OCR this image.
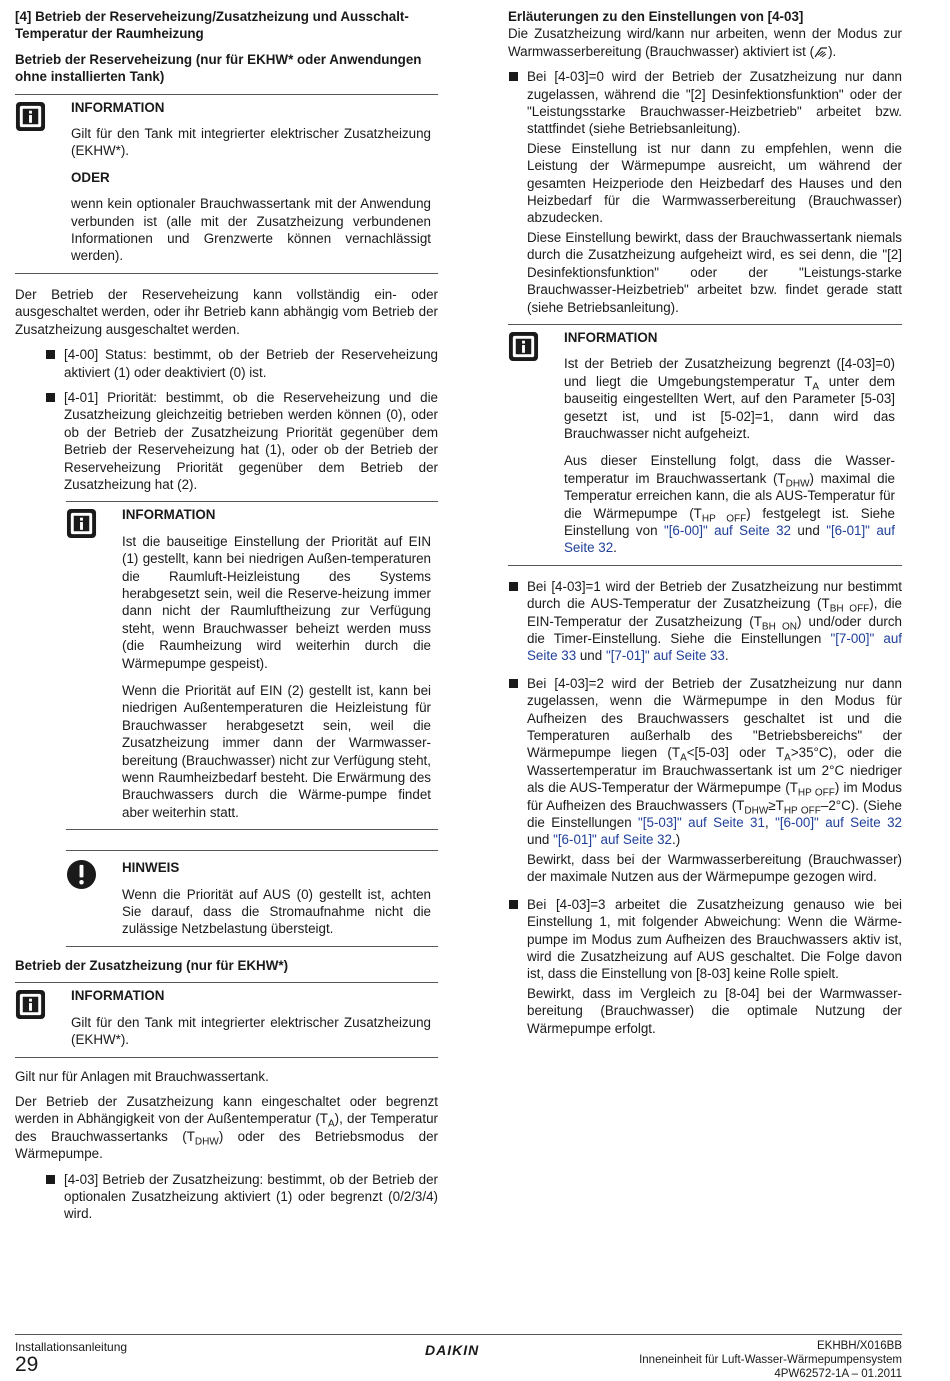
[4] Betrieb der Reserveheizung/Zusatzheizung und Ausschalt-Temperatur der Raumheizung
Betrieb der Reserveheizung (nur für EKHW* oder Anwendungen ohne installierten Tank)
INFORMATION

Gilt für den Tank mit integrierter elektrischer Zusatzheizung (EKHW*).

ODER

wenn kein optionaler Brauchwassertank mit der Anwendung verbunden ist (alle mit der Zusatzheizung verbundenen Informationen und Grenzwerte können vernachlässigt werden).

Der Betrieb der Reserveheizung kann vollständig ein- oder ausgeschaltet werden, oder ihr Betrieb kann abhängig vom Betrieb der Zusatzheizung ausgeschaltet werden.

[4-00] Status: bestimmt, ob der Betrieb der Reserveheizung aktiviert (1) oder deaktiviert (0) ist.
[4-01] Priorität: bestimmt, ob die Reserveheizung und die Zusatzheizung gleichzeitig betrieben werden können (0), oder ob der Betrieb der Zusatzheizung Priorität gegenüber dem Betrieb der Reserveheizung hat (1), oder ob der Betrieb der Reserveheizung Priorität gegenüber dem Betrieb der Zusatzheizung hat (2).
INFORMATION

Ist die bauseitige Einstellung der Priorität auf EIN (1) gestellt, kann bei niedrigen Außen-temperaturen die Raumluft-Heizleistung des Systems herabgesetzt sein, weil die Reserve-heizung immer dann nicht der Raumluftheizung zur Verfügung steht, wenn Brauchwasser beheizt werden muss (die Raumheizung wird weiterhin durch die Wärmepumpe gespeist).

Wenn die Priorität auf EIN (2) gestellt ist, kann bei niedrigen Außentemperaturen die Heizleistung für Brauchwasser herabgesetzt sein, weil die Zusatzheizung immer dann der Warmwasser-bereitung (Brauchwasser) nicht zur Verfügung steht, wenn Raumheizbedarf besteht. Die Erwärmung des Brauchwassers durch die Wärme-pumpe findet aber weiterhin statt.

HINWEIS

Wenn die Priorität auf AUS (0) gestellt ist, achten Sie darauf, dass die Stromaufnahme nicht die zulässige Netzbelastung übersteigt.

Betrieb der Zusatzheizung (nur für EKHW*)
INFORMATION

Gilt für den Tank mit integrierter elektrischer Zusatzheizung (EKHW*).

Gilt nur für Anlagen mit Brauchwassertank.

Der Betrieb der Zusatzheizung kann eingeschaltet oder begrenzt werden in Abhängigkeit von der Außentemperatur $(T_A)$, der Temperatur des Brauchwassertanks $(T_{DHW})$ oder des Betriebsmodus der Wärmepumpe.

[4-03] Betrieb der Zusatzheizung: bestimmt, ob der Betrieb der optionalen Zusatzheizung aktiviert (1) oder begrenzt (0/2/3/4) wird.
Erläuterungen zu den Einstellungen von [4-03]

Die Zusatzheizung wird/kann nur arbeiten, wenn der Modus zur Warmwasserbereitung (Brauchwasser) aktiviert ist ( ).

Bei [4-03]=0 wird der Betrieb der Zusatzheizung nur dann zugelassen, während die "[2] Desinfektionsfunktion" oder der "Leistungsstarke Brauchwasser-Heizbetrieb" arbeitet bzw. stattfindet (siehe Betriebsanleitung).

Diese Einstellung ist nur dann zu empfehlen, wenn die Leistung der Wärmepumpe ausreicht, um während der gesamten Heizperiode den Heizbedarf des Hauses und den Heizbedarf für die Warmwasserbereitung (Brauchwasser) abzudecken.

Diese Einstellung bewirkt, dass der Brauchwassertank niemals durch die Zusatzheizung aufgeheizt wird, es sei denn, die "[2] Desinfektionsfunktion" oder der "Leistungs-starke Brauchwasser-Heizbetrieb" arbeitet bzw. findet gerade statt (siehe Betriebsanleitung).

INFORMATION

Ist der Betrieb der Zusatzheizung begrenzt ([4-03]=0) und liegt die Umgebungstemperatur $T_A$ unter dem bauseitig eingestellten Wert, auf den Parameter [5-03] gesetzt ist, und ist [5-02]=1, dann wird das Brauchwasser nicht aufgeheizt.

Aus dieser Einstellung folgt, dass die Wasser-temperatur im Brauchwassertank $(T_{DHW})$ maximal die Temperatur erreichen kann, die als AUS-Temperatur für die Wärmepumpe $(T_{HP OFF})$ festgelegt ist. Siehe Einstellung von "[6-00]" auf Seite 32 und "[6-01]" auf Seite 32.

Bei [4-03]=1 wird der Betrieb der Zusatzheizung nur bestimmt durch die AUS-Temperatur der Zusatzheizung $(T_{BH OFF})$, die EIN-Temperatur der Zusatzheizung $(T_{BH ON})$ und/oder durch die Timer-Einstellung. Siehe die Einstellungen "[7-00]" auf Seite 33 und "[7-01]" auf Seite 33.

Bei [4-03]=2 wird der Betrieb der Zusatzheizung nur dann zugelassen, wenn die Wärmepumpe in den Modus für Aufheizen des Brauchwassers geschaltet ist und die Temperaturen außerhalb des "Betriebsbereichs" der Wärmepumpe liegen ($T_A<[5-03]$ oder $T_A>35^\circ C$), oder die Wassertemperatur im Brauchwassertank ist um 2°C niedriger als die AUS-Temperatur der Wärmepumpe $(T_{HP OFF})$ im Modus für Aufheizen des Brauchwassers $(T_{DHW}\ge T_{HP OFF}-2^\circ C)$. (Siehe die Einstellungen "[5-03]" auf Seite 31, "[6-00]" auf Seite 32 und "[6-01]" auf Seite 32.)

Bewirkt, dass bei der Warmwasserbereitung (Brauchwasser) der maximale Nutzen aus der Wärmepumpe gezogen wird.

Bei [4-03]=3 arbeitet die Zusatzheizung genauso wie bei Einstellung 1, mit folgender Abweichung: Wenn die Wärme-pumpe im Modus zum Aufheizen des Brauchwassers aktiv ist, wird die Zusatzheizung auf AUS geschaltet. Die Folge davon ist, dass die Einstellung von [8-03] keine Rolle spielt.

Bewirkt, dass im Vergleich zu [8-04] bei der Warmwasser-bereitung (Brauchwasser) die optimale Nutzung der Wärmepumpe erfolgt.

Installationsanleitung
29
DAIKIN	EKHBH/X016BB
Inneneinheit für Luft-Wasser-Wärmepumpensystem
4PW62572-1A – 01.2011
